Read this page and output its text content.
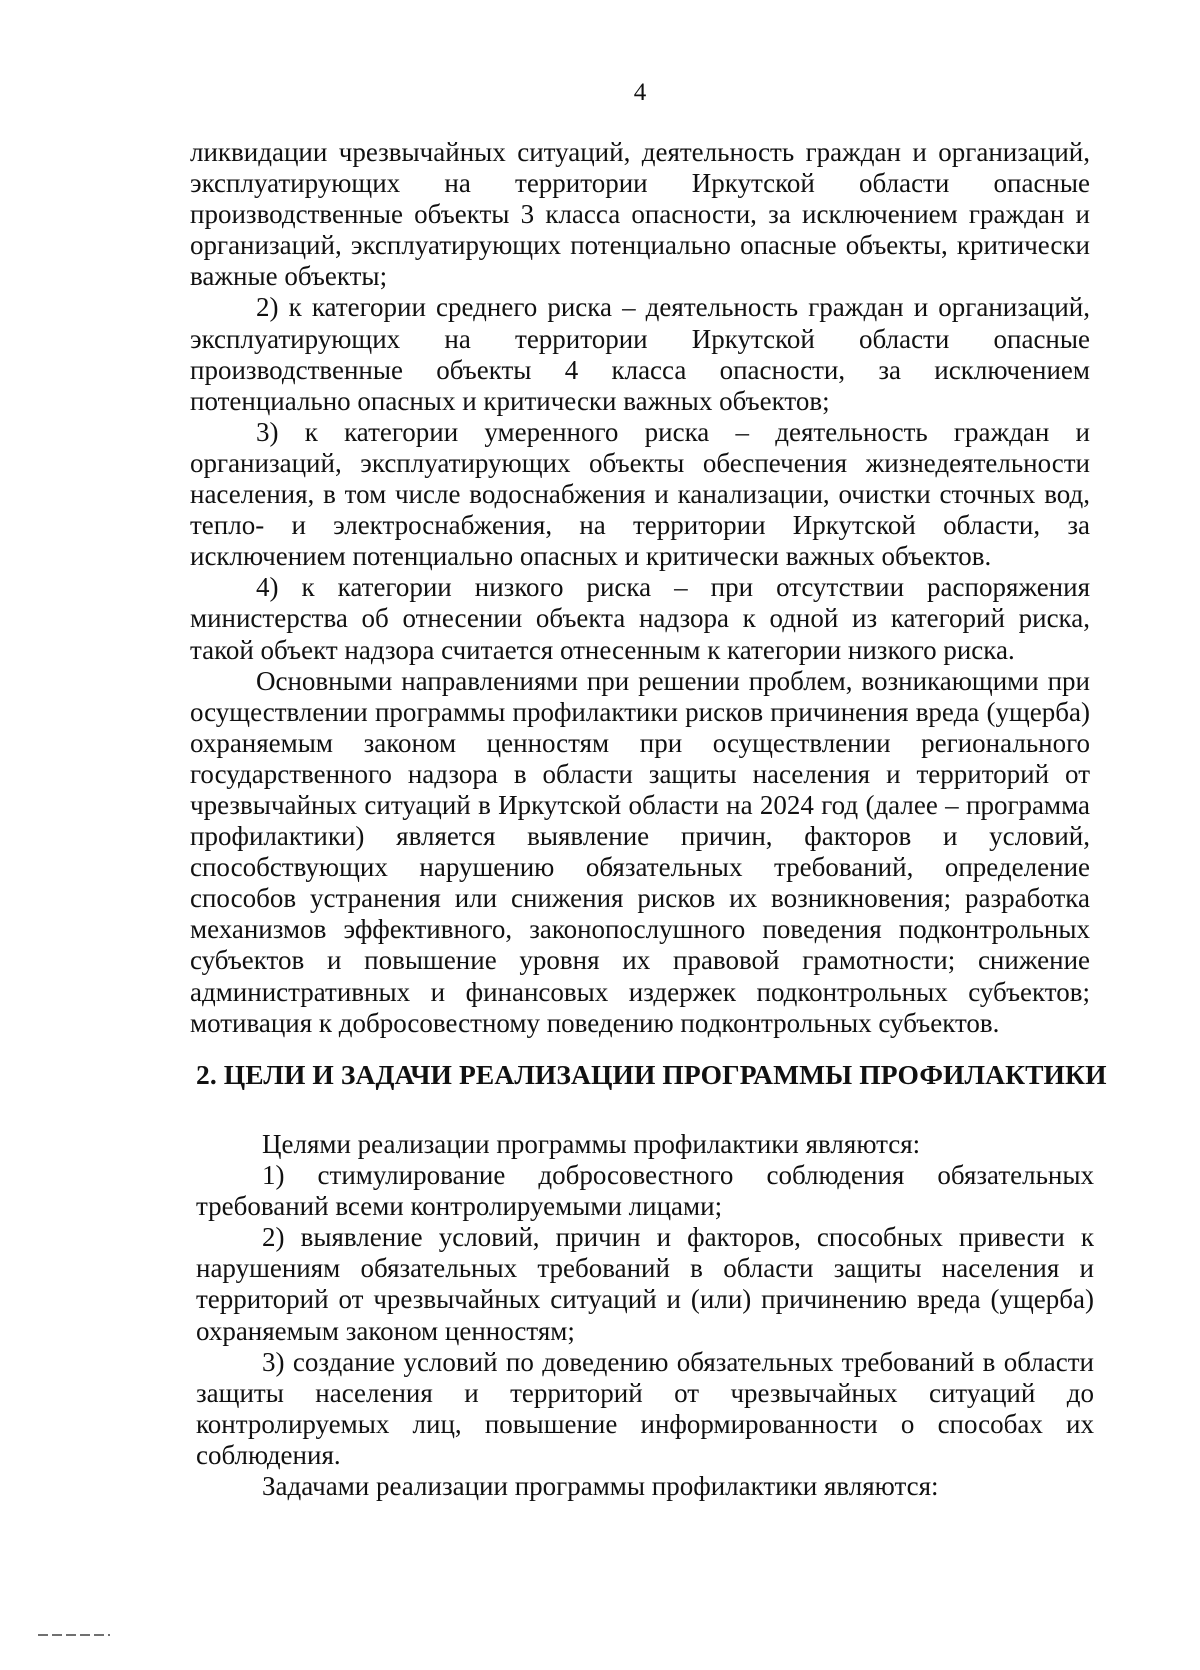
4

ликвидации чрезвычайных ситуаций, деятельность граждан и организаций, эксплуатирующих на территории Иркутской области опасные производственные объекты 3 класса опасности, за исключением граждан и организаций, эксплуатирующих потенциально опасные объекты, критически важные объекты;

2) к категории среднего риска – деятельность граждан и организаций, эксплуатирующих на территории Иркутской области опасные производственные объекты 4 класса опасности, за исключением потенциально опасных и критически важных объектов;

3) к категории умеренного риска – деятельность граждан и организаций, эксплуатирующих объекты обеспечения жизнедеятельности населения, в том числе водоснабжения и канализации, очистки сточных вод, тепло- и электроснабжения, на территории Иркутской области, за исключением потенциально опасных и критически важных объектов.

4) к категории низкого риска – при отсутствии распоряжения министерства об отнесении объекта надзора к одной из категорий риска, такой объект надзора считается отнесенным к категории низкого риска.

Основными направлениями при решении проблем, возникающими при осуществлении программы профилактики рисков причинения вреда (ущерба) охраняемым законом ценностям при осуществлении регионального государственного надзора в области защиты населения и территорий от чрезвычайных ситуаций в Иркутской области на 2024 год (далее – программа профилактики) является выявление причин, факторов и условий, способствующих нарушению обязательных требований, определение способов устранения или снижения рисков их возникновения; разработка механизмов эффективного, законопослушного поведения подконтрольных субъектов и повышение уровня их правовой грамотности; снижение административных и финансовых издержек подконтрольных субъектов; мотивация к добросовестному поведению подконтрольных субъектов.

2. ЦЕЛИ И ЗАДАЧИ РЕАЛИЗАЦИИ ПРОГРАММЫ ПРОФИЛАКТИКИ

Целями реализации программы профилактики являются:

1) стимулирование добросовестного соблюдения обязательных требований всеми контролируемыми лицами;

2) выявление условий, причин и факторов, способных привести к нарушениям обязательных требований в области защиты населения и территорий от чрезвычайных ситуаций и (или) причинению вреда (ущерба) охраняемым законом ценностям;

3) создание условий по доведению обязательных требований в области защиты населения и территорий от чрезвычайных ситуаций до контролируемых лиц, повышение информированности о способах их соблюдения.

Задачами реализации программы профилактики являются:
